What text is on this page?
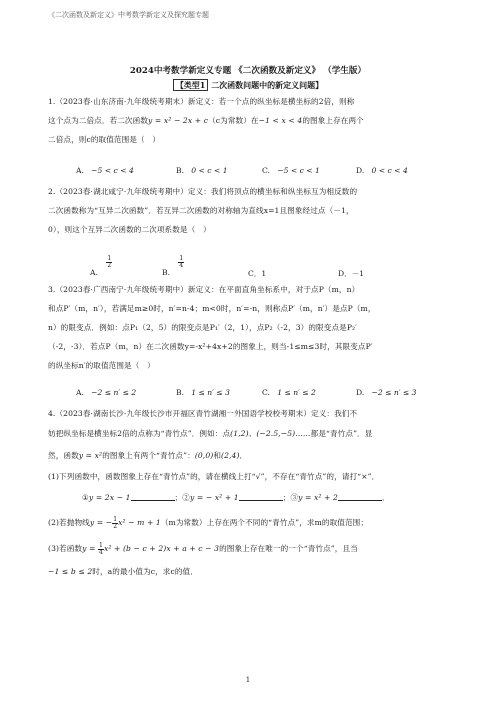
《二次函数及新定义》中考数学新定义及探究题专题
2024中考数学新定义专题 《二次函数及新定义》 （学生版）
【类型1 二次函数问题中的新定义问题】
1.（2023春·山东济南·九年级统考期末）新定义：若一个点的纵坐标是横坐标的2倍，则称
这个点为二倍点．若二次函数y = x² − 2x + c（c为常数）在−1 < x < 4的图象上存在两个
二倍点，则c的取值范围是（　）
A. −5 < c < 4	B. 0 < c < 1	C. −5 < c < 1	D. 0 < c < 4
2.（2023春·湖北咸宁·九年级统考期中）定义：我们将顶点的横坐标和纵坐标互为相反数的
二次函数称为“互异二次函数”．若互异二次函数的对称轴为直线x=1且图象经过点（－1，
0），则这个互异二次函数的二次项系数是（　）
A.
$\frac{1}{2}$
B.
$\frac{1}{4}$
C．1	D．－1
3.（2023春·广西南宁·九年级统考期中）新定义：在平面直角坐标系中，对于点P（m，n）
和点P′（m，n′），若满足m≥0时，n′=n-4；m<0时，n′=-n，则称点P′（m，n′）是点P（m，
n）的限变点．例如：点P₁（2，5）的限变点是P₁′（2，1），点P₂（-2，3）的限变点是P₂′
（-2，-3）．若点P（m，n）在二次函数y=-x²+4x+2的图象上，则当-1≤m≤3时，其限变点P′
的纵坐标n′的取值范围是（　）
A. −2 ≤ n′ ≤ 2	B. 1 ≤ n′ ≤ 3	C. 1 ≤ n′ ≤ 2	D. −2 ≤ n′ ≤ 3
4.（2023春·湖南长沙·九年级长沙市开福区青竹湖湘一外国语学校校考期末）定义：我们不
妨把纵坐标是横坐标2倍的点称为“青竹点”．例如：点(1,2)、(−2.5,−5)……都是“青竹点”．显
然，函数y = x²的图象上有两个“青竹点”：(0,0)和(2,4)．
(1)下列函数中，函数图象上存在“青竹点”的，请在横线上打“√”，不存在“青竹点”的，请打“×”．
①y = 2x − 1	；②y = − x² + 1	；③y = x² + 2	．
(2)若抛物线y = − $\frac{1}{2} x^2 - m + 1(m$为常数）上存在两个不同的“青竹点”，求m的取值范围；
(3)若函数$y = \frac{1}{4} x^2 + (b - c + 2)x + a + c - 3$的图象上存在唯一的一个“青竹点”，且当
−1 ≤ b ≤ 2时，a的最小值为c，求c的值．
1
